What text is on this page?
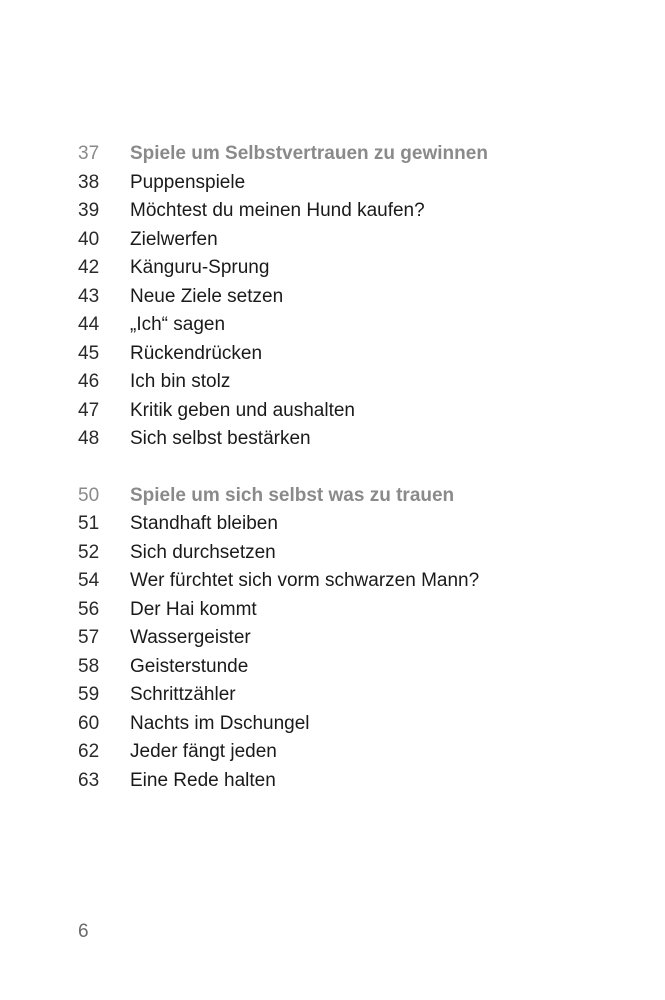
37	Spiele um Selbstvertrauen zu gewinnen
38	Puppenspiele
39	Möchtest du meinen Hund kaufen?
40	Zielwerfen
42	Känguru-Sprung
43	Neue Ziele setzen
44	„Ich“ sagen
45	Rückendrücken
46	Ich bin stolz
47	Kritik geben und aushalten
48	Sich selbst bestärken
50	Spiele um sich selbst was zu trauen
51	Standhaft bleiben
52	Sich durchsetzen
54	Wer fürchtet sich vorm schwarzen Mann?
56	Der Hai kommt
57	Wassergeister
58	Geisterstunde
59	Schrittzähler
60	Nachts im Dschungel
62	Jeder fängt jeden
63	Eine Rede halten
6
